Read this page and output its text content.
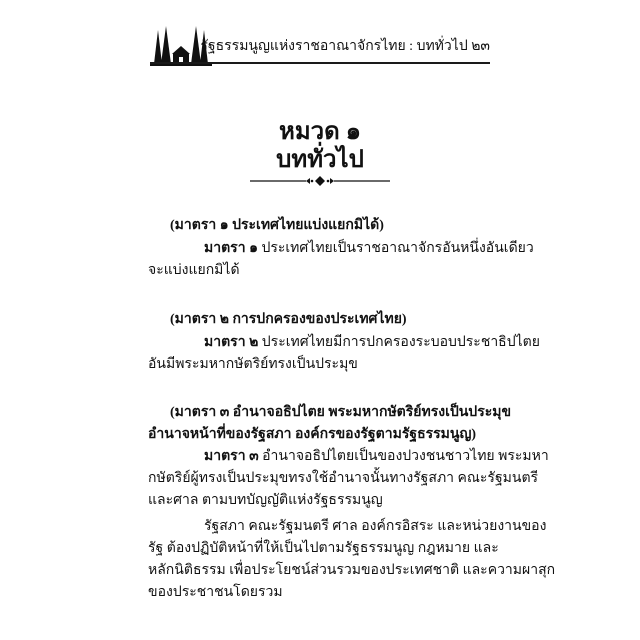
รัฐธรรมนูญแห่งราชอาณาจักรไทย : บททั่วไป ๒๓
หมวด ๑
บททั่วไป
(มาตรา ๑ ประเทศไทยแบ่งแยกมิได้)
มาตรา ๑ ประเทศไทยเป็นราชอาณาจักรอันหนึ่งอันเดียว
จะแบ่งแยกมิได้
(มาตรา ๒ การปกครองของประเทศไทย)
มาตรา ๒ ประเทศไทยมีการปกครองระบอบประชาธิปไตย
อันมีพระมหากษัตริย์ทรงเป็นประมุข
(มาตรา ๓ อำนาจอธิปไตย พระมหากษัตริย์ทรงเป็นประมุข
อำนาจหน้าที่ของรัฐสภา องค์กรของรัฐตามรัฐธรรมนูญ)
มาตรา ๓ อำนาจอธิปไตยเป็นของปวงชนชาวไทย พระมหา
กษัตริย์ผู้ทรงเป็นประมุขทรงใช้อำนาจนั้นทางรัฐสภา คณะรัฐมนตรี
และศาล ตามบทบัญญัติแห่งรัฐธรรมนูญ
รัฐสภา คณะรัฐมนตรี ศาล องค์กรอิสระ และหน่วยงานของ
รัฐ ต้องปฏิบัติหน้าที่ให้เป็นไปตามรัฐธรรมนูญ กฎหมาย และ
หลักนิติธรรม เพื่อประโยชน์ส่วนรวมของประเทศชาติ และความผาสุก
ของประชาชนโดยรวม
